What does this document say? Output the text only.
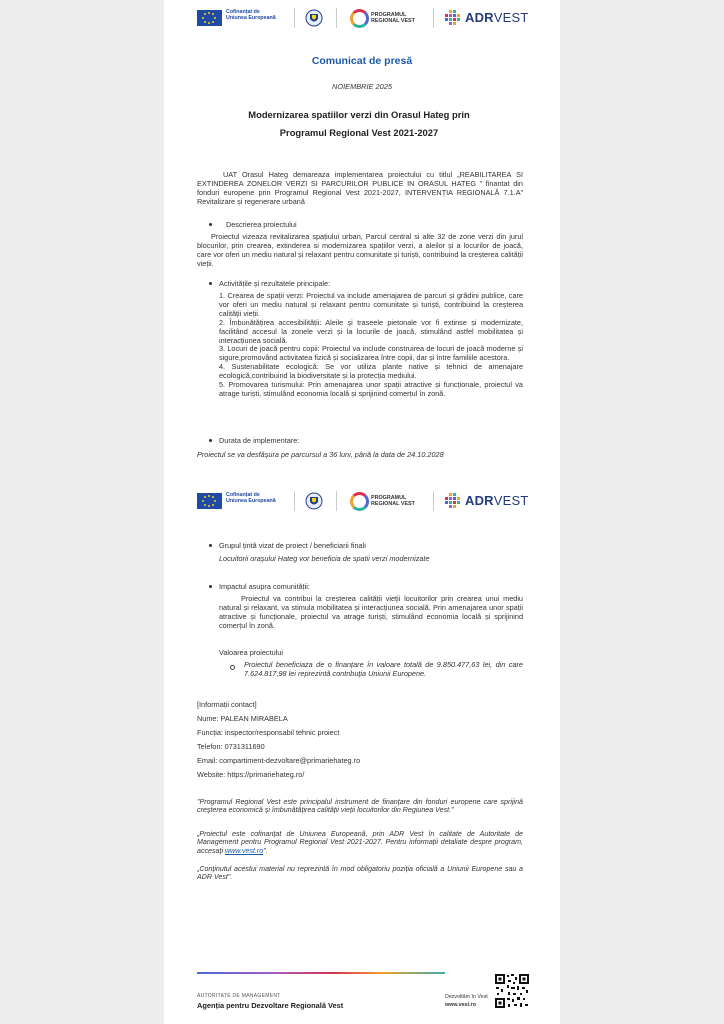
Cofinanțat de
Uniunea Europeană
PROGRAMUL
REGIONAL VEST	ADRVEST
Comunicat de presă
NOIEMBRIE 2025
Modernizarea spatiilor verzi din Orasul Hateg prin
Programul Regional Vest 2021-2027
UAT Orasul Hateg demareaza implementarea proiectului cu titlul „REABILITAREA SI EXTINDEREA ZONELOR VERZI SI PARCURILOR PUBLICE IN ORASUL HATEG ” finantat din fonduri europene prin Programul Regional Vest 2021-2027, INTERVENȚIA REGIONALĂ 7.1.A” Revitalizare și regenerare urbană
Descrierea proiectului
Proiectul vizeaza revitalizarea spațiului urban, Parcul central si alte 32 de zone verzi din jurul blocurilor, prin crearea, extinderea si modernizarea spațiilor verzi, a aleilor și a locurilor de joacă, care vor oferi un mediu natural și relaxant pentru comunitate și turiști, contribuind la creșterea calității vieții.
Activitățile și rezultatele principale:
1. Crearea de spații verzi: Proiectul va include amenajarea de parcuri și grădini publice, care vor oferi un mediu natural și relaxant pentru comunitate și turiști, contribuind la creșterea calității vieții.
2. Îmbunătățirea accesibilității: Aleile și traseele pietonale vor fi extinse și modernizate, facilitând accesul la zonele verzi și la locurile de joacă, stimulând astfel mobilitatea și interacțiunea socială.
3. Locuri de joacă pentru copii: Proiectul va include construirea de locuri de joacă moderne și sigure,promovând activitatea fizică și socializarea între copii, dar și între familiile acestora.
4. Sustenabilitate ecologică: Se vor utiliza plante native și tehnici de amenajare ecologică,contribuind la biodiversitate și la protecția mediului.
5. Promovarea turismului: Prin amenajarea unor spații atractive și funcționale, proiectul va atrage turiști, stimulând economia locală și sprijinind comerțul în zonă.
Durata de implementare:
Proiectul se va desfășura pe parcursul a 36 luni, până la data de 24.10.2028
Cofinanțat de
Uniunea Europeană
PROGRAMUL
REGIONAL VEST	ADRVEST
Grupul țintă vizat de proiect / beneficiarii finali
Locuitorii orașului Hateg vor beneficia de spatii verzi modernizate
Impactul asupra comunității:
Proiectul va contribui la creșterea calității vieții locuitorilor prin crearea unui mediu natural și relaxant, va stimula mobilitatea și interacțiunea socială. Prin amenajarea unor spații atractive și funcționale, proiectul va atrage turiști, stimulând economia locală și sprijinind comerțul în zonă.
Valoarea proiectului
Proiectul beneficiaza de o finanțare în valoare totală de 9.850.477,63 lei, din care 7.624.817,98 lei reprezintă contribuția Uniunii Europene.
[Informații contact]
Nume: PALEAN MIRABELA
Funcția: inspector/responsabil tehnic proiect
Telefon: 0731311690
Email: compartiment-dezvoltare@primariehateg.ro
Website: https://primariehateg.ro/
"Programul Regional Vest este principalul instrument de finanțare din fonduri europene care sprijină creșterea economică și îmbunătățirea calității vieții locuitorilor din Regiunea Vest."
„Proiectul este cofinanțat de Uniunea Europeană, prin ADR Vest în calitate de Autoritate de Management pentru Programul Regional Vest 2021-2027. Pentru informații detaliate despre program, accesați www.vest.ro”.
„Conținutul acestui material nu reprezintă în mod obligatoriu poziția oficială a Uniunii Europene sau a ADR Vest”.
AUTORITATE DE MANAGEMENT
Agenția pentru Dezvoltare Regională Vest
Dezvoltăm în Vest
www.vest.ro
